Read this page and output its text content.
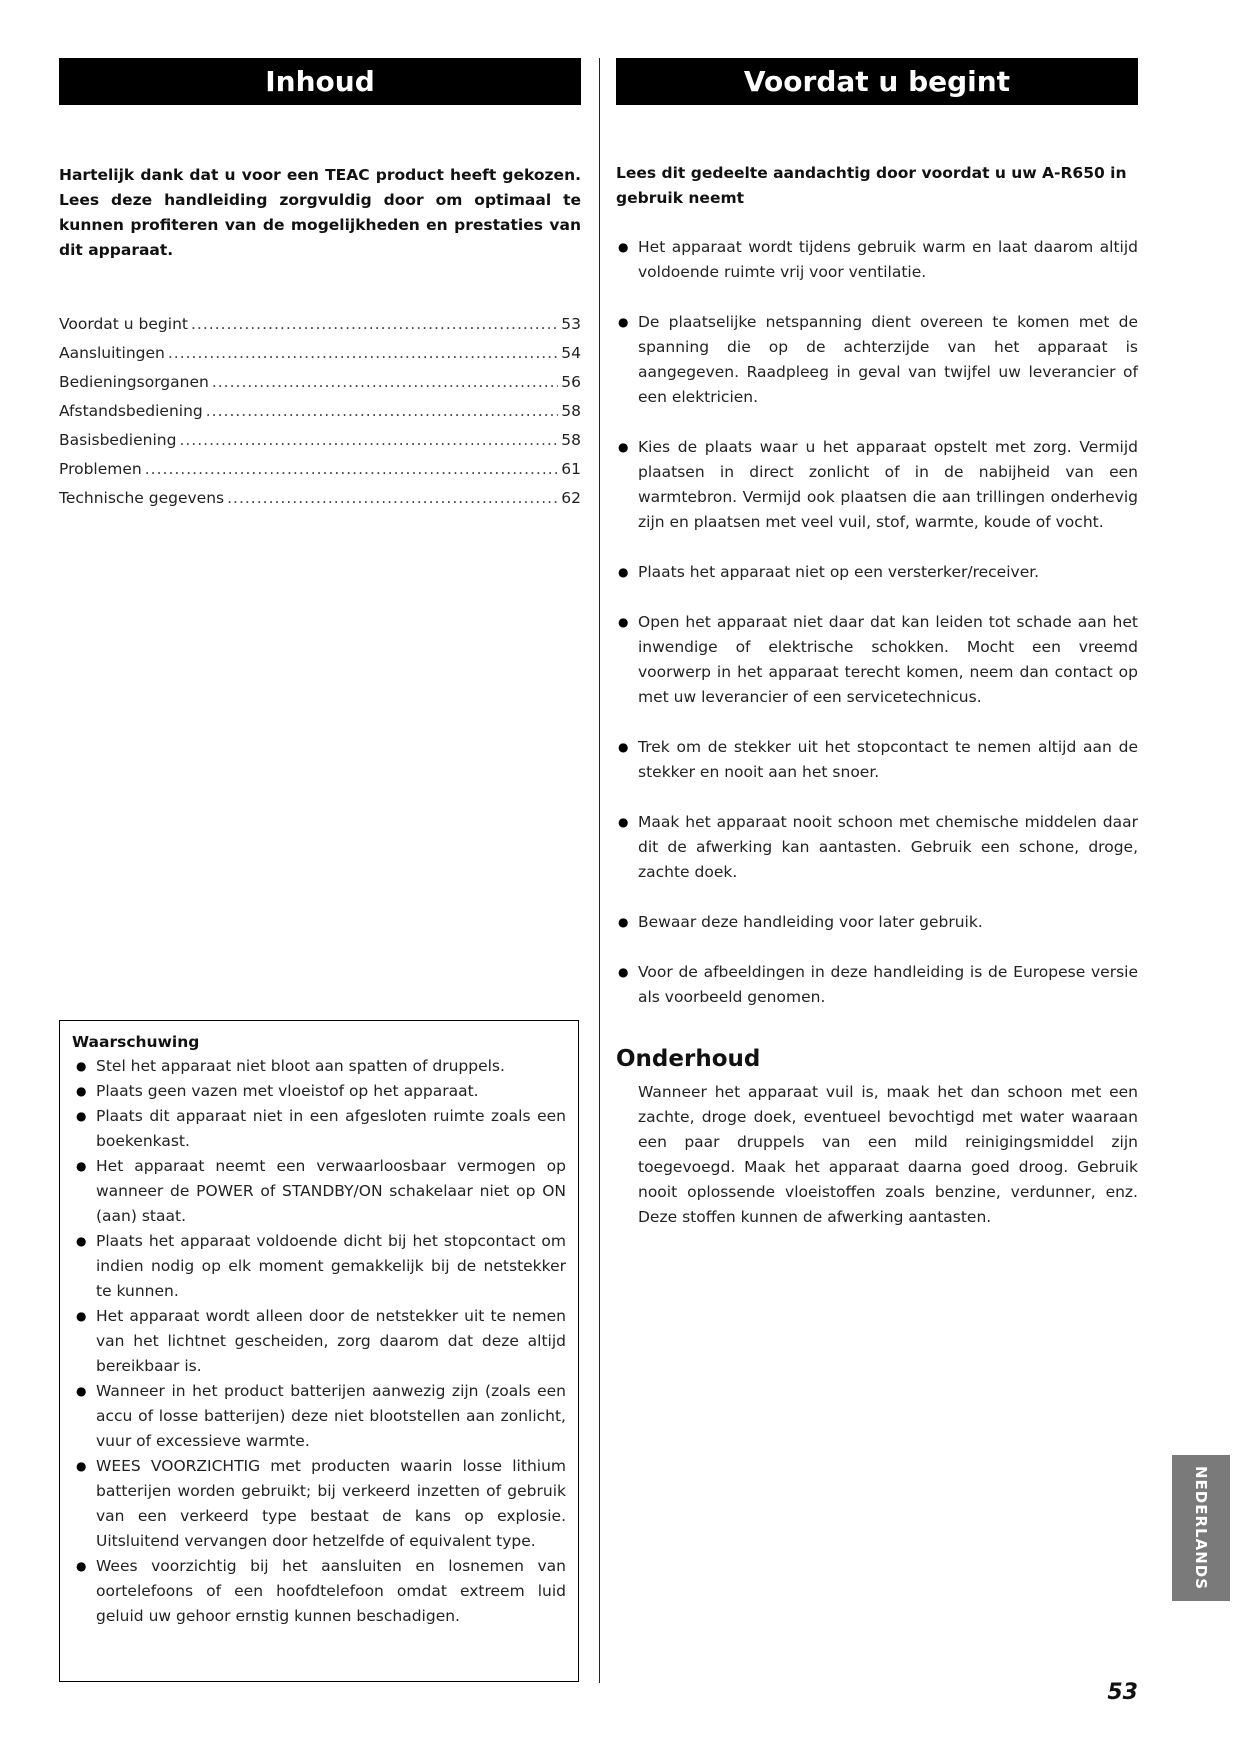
Inhoud
Hartelijk dank dat u voor een TEAC product heeft gekozen. Lees deze handleiding zorgvuldig door om optimaal te kunnen profiteren van de mogelijkheden en prestaties van dit apparaat.
Voordat u begint .....	53
Aansluitingen .....	54
Bedieningsorganen .....	56
Afstandsbediening .....	58
Basisbediening .....	58
Problemen .....	61
Technische gegevens .....	62
Waarschuwing
● Stel het apparaat niet bloot aan spatten of druppels.
● Plaats geen vazen met vloeistof op het apparaat.
● Plaats dit apparaat niet in een afgesloten ruimte zoals een boekenkast.
● Het apparaat neemt een verwaarloosbaar vermogen op wanneer de POWER of STANDBY/ON schakelaar niet op ON (aan) staat.
● Plaats het apparaat voldoende dicht bij het stopcontact om indien nodig op elk moment gemakkelijk bij de netstekker te kunnen.
● Het apparaat wordt alleen door de netstekker uit te nemen van het lichtnet gescheiden, zorg daarom dat deze altijd bereikbaar is.
● Wanneer in het product batterijen aanwezig zijn (zoals een accu of losse batterijen) deze niet blootstellen aan zonlicht, vuur of excessieve warmte.
● WEES VOORZICHTIG met producten waarin losse lithium batterijen worden gebruikt; bij verkeerd inzetten of gebruik van een verkeerd type bestaat de kans op explosie. Uitsluitend vervangen door hetzelfde of equivalent type.
● Wees voorzichtig bij het aansluiten en losnemen van oortelefoons of een hoofdtelefoon omdat extreem luid geluid uw gehoor ernstig kunnen beschadigen.
Voordat u begint
Lees dit gedeelte aandachtig door voordat u uw A-R650 in gebruik neemt
● Het apparaat wordt tijdens gebruik warm en laat daarom altijd voldoende ruimte vrij voor ventilatie.
● De plaatselijke netspanning dient overeen te komen met de spanning die op de achterzijde van het apparaat is aangegeven. Raadpleeg in geval van twijfel uw leverancier of een elektricien.
● Kies de plaats waar u het apparaat opstelt met zorg. Vermijd plaatsen in direct zonlicht of in de nabijheid van een warmtebron. Vermijd ook plaatsen die aan trillingen onderhevig zijn en plaatsen met veel vuil, stof, warmte, koude of vocht.
● Plaats het apparaat niet op een versterker/receiver.
● Open het apparaat niet daar dat kan leiden tot schade aan het inwendige of elektrische schokken. Mocht een vreemd voorwerp in het apparaat terecht komen, neem dan contact op met uw leverancier of een servicetechnicus.
● Trek om de stekker uit het stopcontact te nemen altijd aan de stekker en nooit aan het snoer.
● Maak het apparaat nooit schoon met chemische middelen daar dit de afwerking kan aantasten. Gebruik een schone, droge, zachte doek.
● Bewaar deze handleiding voor later gebruik.
● Voor de afbeeldingen in deze handleiding is de Europese versie als voorbeeld genomen.
Onderhoud

Wanneer het apparaat vuil is, maak het dan schoon met een zachte, droge doek, eventueel bevochtigd met water waaraan een paar druppels van een mild reinigingsmiddel zijn toegevoegd. Maak het apparaat daarna goed droog. Gebruik nooit oplossende vloeistoffen zoals benzine, verdunner, enz. Deze stoffen kunnen de afwerking aantasten.

NEDERLANDS
53
